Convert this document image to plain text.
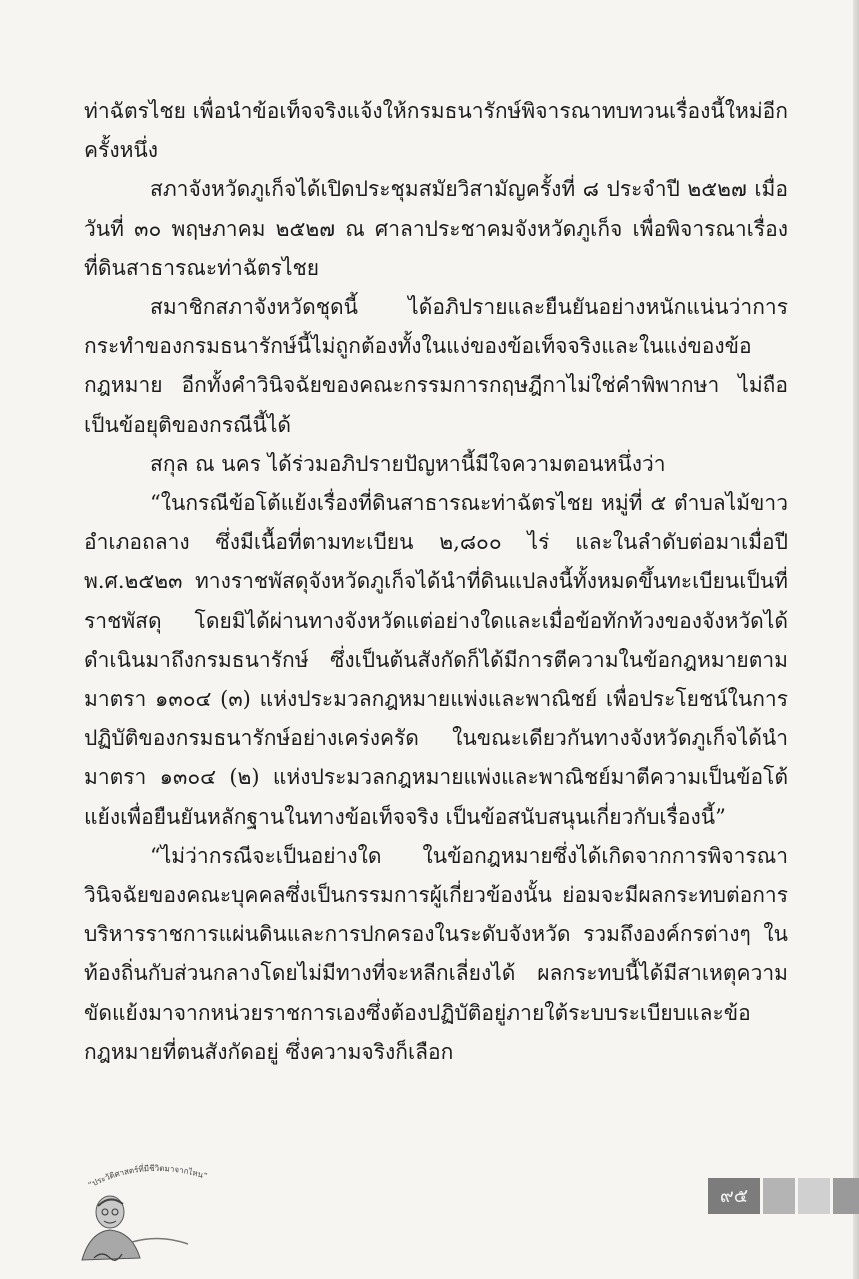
ท่าฉัตรไชย เพื่อนำข้อเท็จจริงแจ้งให้กรมธนารักษ์พิจารณาทบทวนเรื่องนี้ใหม่อีกครั้งหนึ่ง

สภาจังหวัดภูเก็จได้เปิดประชุมสมัยวิสามัญครั้งที่ ๘ ประจำปี ๒๕๒๗ เมื่อวันที่ ๓๐ พฤษภาคม ๒๕๒๗ ณ ศาลาประชาคมจังหวัดภูเก็จ เพื่อพิจารณาเรื่องที่ดินสาธารณะท่าฉัตรไชย

สมาชิกสภาจังหวัดชุดนี้ ได้อภิปรายและยืนยันอย่างหนักแน่นว่าการกระทำของกรมธนารักษ์นี้ไม่ถูกต้องทั้งในแง่ของข้อเท็จจริงและในแง่ของข้อกฎหมาย อีกทั้งคำวินิจฉัยของคณะกรรมการกฤษฎีกาไม่ใช่คำพิพากษา ไม่ถือเป็นข้อยุติของกรณีนี้ได้

สกุล ณ นคร ได้ร่วมอภิปรายปัญหานี้มีใจความตอนหนึ่งว่า

“ในกรณีข้อโต้แย้งเรื่องที่ดินสาธารณะท่าฉัตรไชย หมู่ที่ ๕ ตำบลไม้ขาว อำเภอถลาง ซึ่งมีเนื้อที่ตามทะเบียน ๒,๘๐๐ ไร่ และในลำดับต่อมาเมื่อปี พ.ศ.๒๕๒๓ ทางราชพัสดุจังหวัดภูเก็จได้นำที่ดินแปลงนี้ทั้งหมดขึ้นทะเบียนเป็นที่ราชพัสดุ โดยมิได้ผ่านทางจังหวัดแต่อย่างใดและเมื่อข้อทักท้วงของจังหวัดได้ดำเนินมาถึงกรมธนารักษ์ ซึ่งเป็นต้นสังกัดก็ได้มีการตีความในข้อกฎหมายตามมาตรา ๑๓๐๔ (๓) แห่งประมวลกฎหมายแพ่งและพาณิชย์ เพื่อประโยชน์ในการปฏิบัติของกรมธนารักษ์อย่างเคร่งครัด ในขณะเดียวกันทางจังหวัดภูเก็จได้นำมาตรา ๑๓๐๔ (๒) แห่งประมวลกฎหมายแพ่งและพาณิชย์มาตีความเป็นข้อโต้แย้งเพื่อยืนยันหลักฐานในทางข้อเท็จจริง เป็นข้อสนับสนุนเกี่ยวกับเรื่องนี้”

“ไม่ว่ากรณีจะเป็นอย่างใด ในข้อกฎหมายซึ่งได้เกิดจากการพิจารณาวินิจฉัยของคณะบุคคลซึ่งเป็นกรรมการผู้เกี่ยวข้องนั้น ย่อมจะมีผลกระทบต่อการบริหารราชการแผ่นดินและการปกครองในระดับจังหวัด รวมถึงองค์กรต่างๆ ในท้องถิ่นกับส่วนกลางโดยไม่มีทางที่จะหลีกเลี่ยงได้ ผลกระทบนี้ได้มีสาเหตุความขัดแย้งมาจากหน่วยราชการเองซึ่งต้องปฏิบัติอยู่ภายใต้ระบบระเบียบและข้อกฎหมายที่ตนสังกัดอยู่ ซึ่งความจริงก็เลือก

“ประวัติศาสตร์ที่มีชีวิตมาจากไหน”
๙๕
